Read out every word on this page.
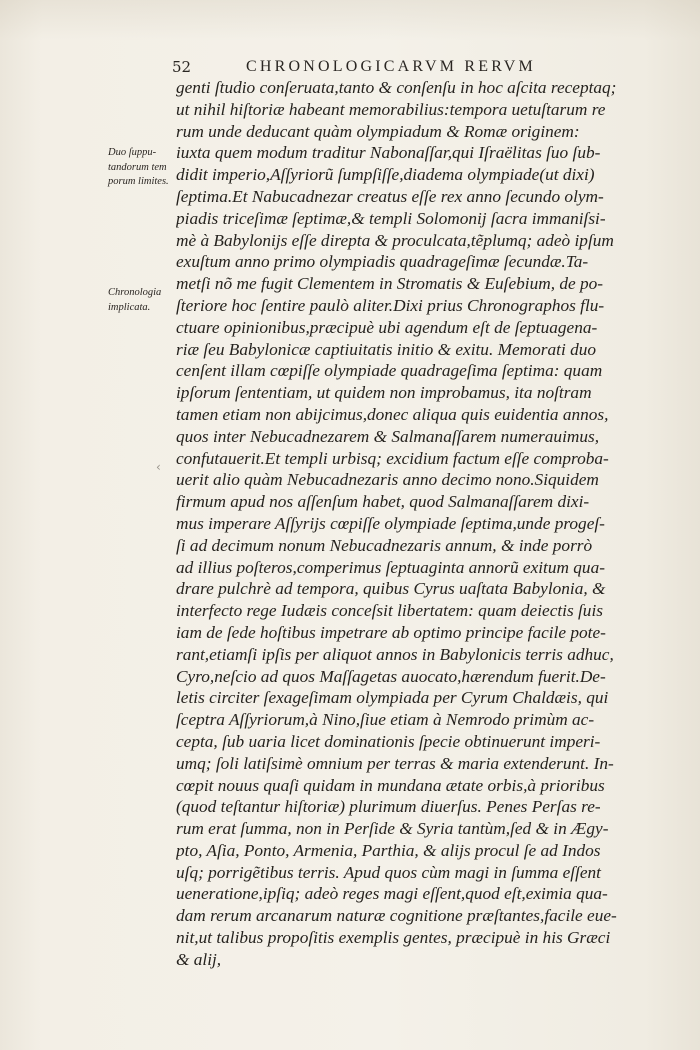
52	CHRONOLOGICARVM RERVM
Duo ſuppu-
tandorum tem
porum limites.
Chronologia
implicata.
‹
genti ſtudio conſeruata,tanto & conſenſu in hoc aſcita receptaq;
ut nihil hiſtoriæ habeant memorabilius:tempora uetuſtarum re
rum unde deducant quàm olympiadum & Romæ originem:
iuxta quem modum traditur Nabonaſſar,qui Iſraëlitas ſuo ſub-
didit imperio,Aſſyriorũ ſumpſiſſe,diadema olympiade(ut dixi)
ſeptima.Et Nabucadnezar creatus eſſe rex anno ſecundo olym-
piadis triceſimæ ſeptimæ,& templi Solomonij ſacra immaniſsi-
mè à Babylonijs eſſe direpta & proculcata,tẽplumq; adeò ipſum
exuſtum anno primo olympiadis quadrageſimæ ſecundæ.Ta-
metſi nõ me fugit Clementem in Stromatis & Euſebium, de po-
ſteriore hoc ſentire paulò aliter.Dixi prius Chronographos flu-
ctuare opinionibus,præcipuè ubi agendum eſt de ſeptuagena-
riæ ſeu Babylonicæ captiuitatis initio & exitu. Memorati duo
cenſent illam cœpiſſe olympiade quadrageſima ſeptima: quam
ipſorum ſententiam, ut quidem non improbamus, ita noſtram
tamen etiam non abijcimus,donec aliqua quis euidentia annos,
quos inter Nebucadnezarem & Salmanaſſarem numerauimus,
confutauerit.Et templi urbisq; excidium factum eſſe comproba-
uerit alio quàm Nebucadnezaris anno decimo nono.Siquidem
firmum apud nos aſſenſum habet, quod Salmanaſſarem dixi-
mus imperare Aſſyrijs cœpiſſe olympiade ſeptima,unde progeſ-
ſi ad decimum nonum Nebucadnezaris annum, & inde porrò
ad illius poſteros,comperimus ſeptuaginta annorũ exitum qua-
drare pulchrè ad tempora, quibus Cyrus uaſtata Babylonia, &
interfecto rege Iudæis conceſsit libertatem: quam deiectis ſuis
iam de ſede hoſtibus impetrare ab optimo principe facile pote-
rant,etiamſi ipſis per aliquot annos in Babylonicis terris adhuc,
Cyro,neſcio ad quos Maſſagetas auocato,hærendum fuerit.De-
letis circiter ſexageſimam olympiada per Cyrum Chaldæis, qui
ſceptra Aſſyriorum,à Nino,ſiue etiam à Nemrodo primùm ac-
cepta, ſub uaria licet dominationis ſpecie obtinuerunt imperi-
umq; ſoli latiſsimè omnium per terras & maria extenderunt. In-
cœpit nouus quaſi quidam in mundana ætate orbis,à prioribus
(quod teſtantur hiſtoriæ) plurimum diuerſus. Penes Perſas re-
rum erat ſumma, non in Perſide & Syria tantùm,ſed & in Ægy-
pto, Aſia, Ponto, Armenia, Parthia, & alijs procul ſe ad Indos
uſq; porrigẽtibus terris. Apud quos cùm magi in ſumma eſſent
ueneratione,ipſiq; adeò reges magi eſſent,quod eſt,eximia qua-
dam rerum arcanarum naturæ cognitione præſtantes,facile eue-
nit,ut talibus propoſitis exemplis gentes, præcipuè in his Græci
& alij,
